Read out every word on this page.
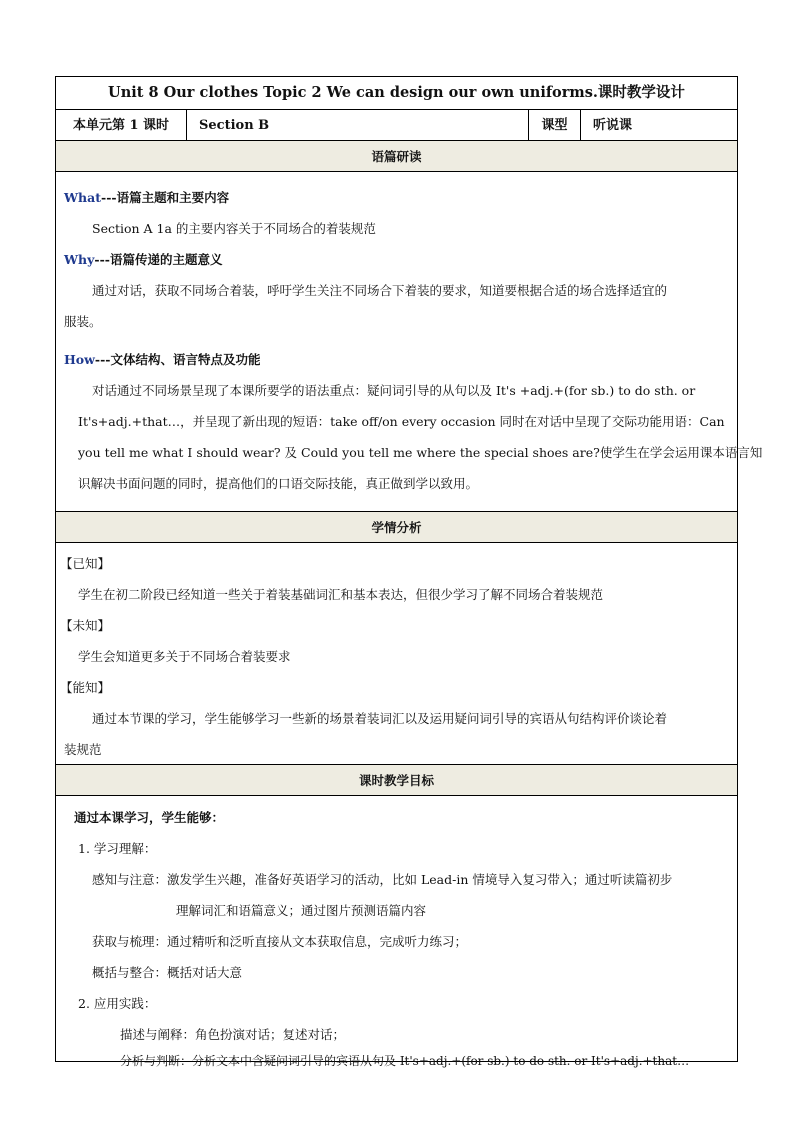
Unit 8 Our clothes Topic 2 We can design our own uniforms.课时教学设计
本单元第 1 课时	Section B	课型	听说课
语篇研读
What---语篇主题和主要内容
Section A 1a 的主要内容关于不同场合的着装规范
Why---语篇传递的主题意义
通过对话，获取不同场合着装，呼吁学生关注不同场合下着装的要求，知道要根据合适的场合选择适宜的
服装。
How---文体结构、语言特点及功能
对话通过不同场景呈现了本课所要学的语法重点：疑问词引导的从句以及 It's +adj.+(for sb.) to do sth. or
It's+adj.+that…，并呈现了新出现的短语：take off/on every occasion 同时在对话中呈现了交际功能用语：Can
you tell me what I should wear? 及 Could you tell me where the special shoes are?使学生在学会运用课本语言知
识解决书面问题的同时，提高他们的口语交际技能，真正做到学以致用。
学情分析
【已知】
学生在初二阶段已经知道一些关于着装基础词汇和基本表达，但很少学习了解不同场合着装规范
【未知】
学生会知道更多关于不同场合着装要求
【能知】
通过本节课的学习，学生能够学习一些新的场景着装词汇以及运用疑问词引导的宾语从句结构评价谈论着
装规范
课时教学目标
通过本课学习，学生能够：
1. 学习理解：
感知与注意：激发学生兴趣，准备好英语学习的活动，比如 Lead-in 情境导入复习带入；通过听读篇初步
理解词汇和语篇意义；通过图片预测语篇内容
获取与梳理：通过精听和泛听直接从文本获取信息，完成听力练习；
概括与整合：概括对话大意
2. 应用实践：
描述与阐释：角色扮演对话；复述对话；
分析与判断：分析文本中含疑问词引导的宾语从句及 It's+adj.+(for sb.) to do sth. or It's+adj.+that…
